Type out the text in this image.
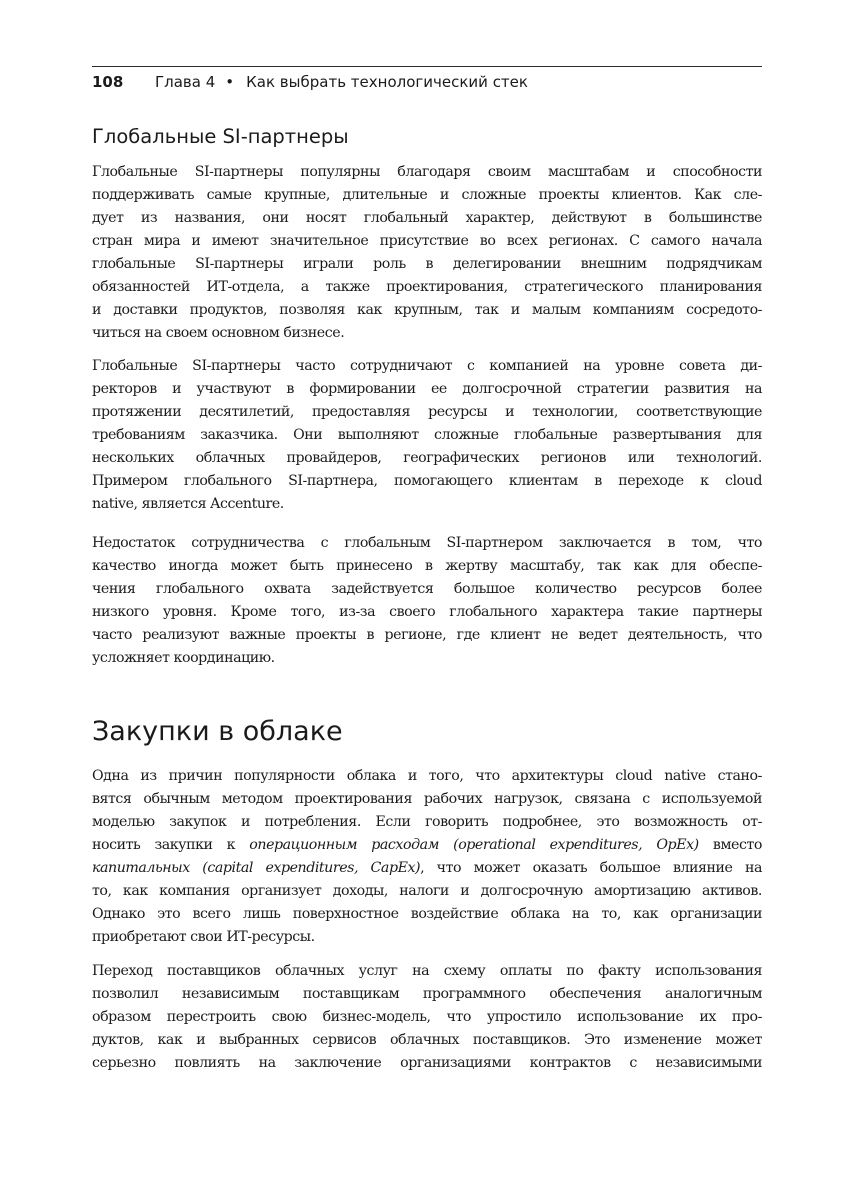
108 Глава 4 • Как выбрать технологический стек
Глобальные SI-партнеры

Глобальные SI-партнеры популярны благодаря своим масштабам и способности
поддерживать самые крупные, длительные и сложные проекты клиентов. Как сле-
дует из названия, они носят глобальный характер, действуют в большинстве
стран мира и имеют значительное присутствие во всех регионах. С самого начала
глобальные SI-партнеры играли роль в делегировании внешним подрядчикам
обязанностей ИТ-отдела, а также проектирования, стратегического планирования
и доставки продуктов, позволяя как крупным, так и малым компаниям сосредото-
читься на своем основном бизнесе.

Глобальные SI-партнеры часто сотрудничают с компанией на уровне совета ди-
ректоров и участвуют в формировании ее долгосрочной стратегии развития на
протяжении десятилетий, предоставляя ресурсы и технологии, соответствующие
требованиям заказчика. Они выполняют сложные глобальные развертывания для
нескольких облачных провайдеров, географических регионов или технологий.
Примером глобального SI-партнера, помогающего клиентам в переходе к cloud
native, является Accenture.

Недостаток сотрудничества с глобальным SI-партнером заключается в том, что
качество иногда может быть принесено в жертву масштабу, так как для обеспе-
чения глобального охвата задействуется большое количество ресурсов более
низкого уровня. Кроме того, из-за своего глобального характера такие партнеры
часто реализуют важные проекты в регионе, где клиент не ведет деятельность, что
усложняет координацию.

Закупки в облаке

Одна из причин популярности облака и того, что архитектуры cloud native стано-
вятся обычным методом проектирования рабочих нагрузок, связана с используемой
моделью закупок и потребления. Если говорить подробнее, это возможность от-
носить закупки к операционным расходам (operational expenditures, OpEx) вместо
капитальных (capital expenditures, CapEx), что может оказать большое влияние на
то, как компания организует доходы, налоги и долгосрочную амортизацию активов.
Однако это всего лишь поверхностное воздействие облака на то, как организации
приобретают свои ИТ-ресурсы.

Переход поставщиков облачных услуг на схему оплаты по факту использования
позволил независимым поставщикам программного обеспечения аналогичным
образом перестроить свою бизнес-модель, что упростило использование их про-
дуктов, как и выбранных сервисов облачных поставщиков. Это изменение может
серьезно повлиять на заключение организациями контрактов с независимыми
